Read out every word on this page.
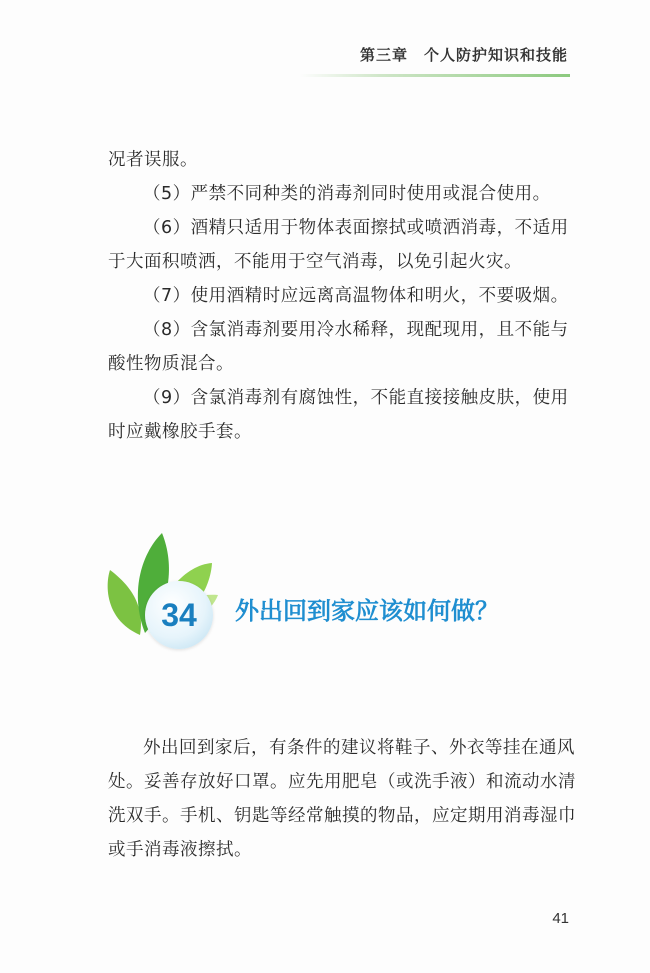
第三章　个人防护知识和技能

况者误服。

（5）严禁不同种类的消毒剂同时使用或混合使用。

（6）酒精只适用于物体表面擦拭或喷洒消毒，不适用于大面积喷洒，不能用于空气消毒，以免引起火灾。

（7）使用酒精时应远离高温物体和明火，不要吸烟。

（8）含氯消毒剂要用冷水稀释，现配现用，且不能与酸性物质混合。

（9）含氯消毒剂有腐蚀性，不能直接接触皮肤，使用时应戴橡胶手套。

34 外出回到家应该如何做？

外出回到家后，有条件的建议将鞋子、外衣等挂在通风处。妥善存放好口罩。应先用肥皂（或洗手液）和流动水清洗双手。手机、钥匙等经常触摸的物品，应定期用消毒湿巾或手消毒液擦拭。

41
